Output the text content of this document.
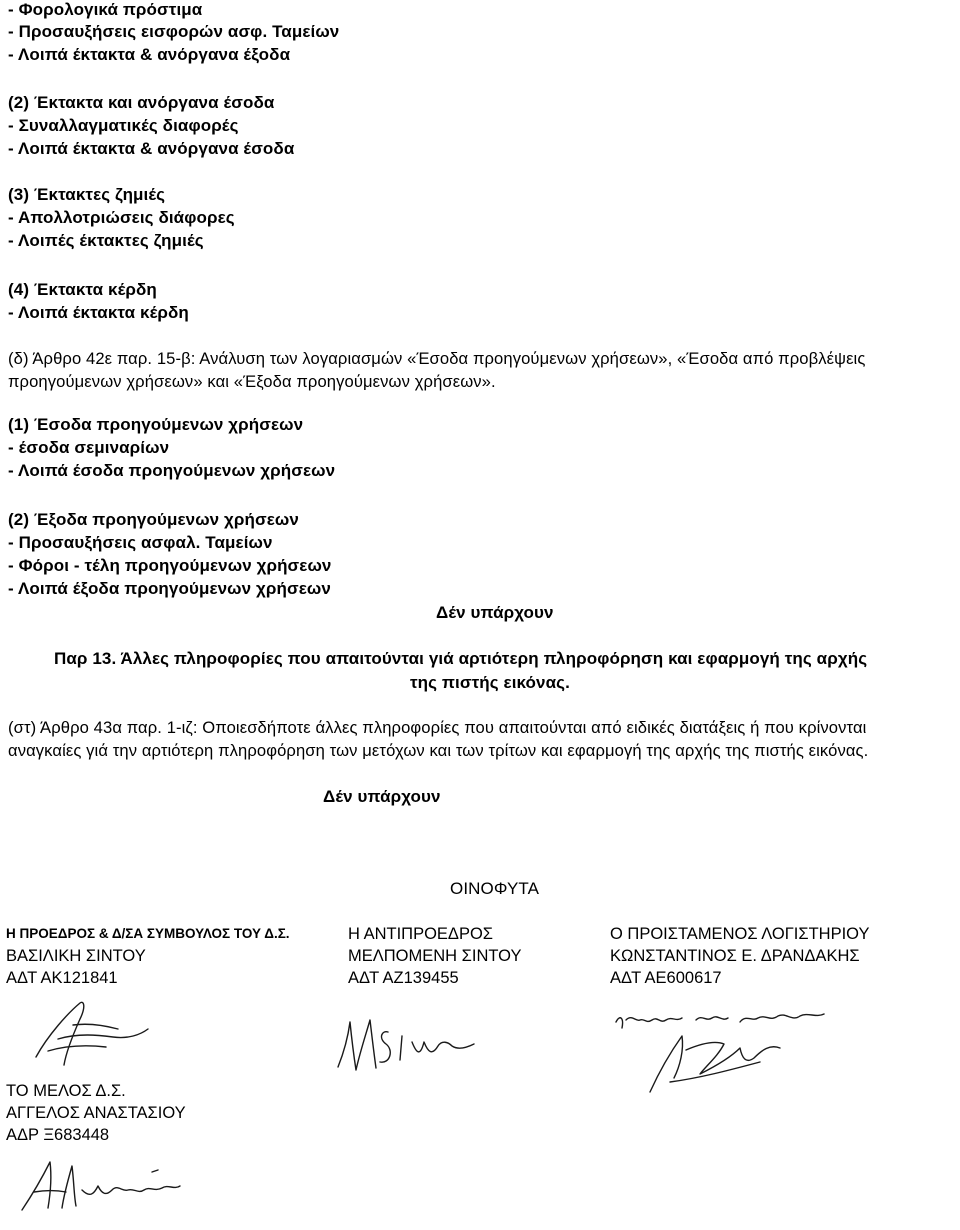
- Φορολογικά πρόστιμα
- Προσαυξήσεις εισφορών ασφ. Ταμείων
- Λοιπά έκτακτα & ανόργανα έξοδα
(2) Έκτακτα και ανόργανα έσοδα
- Συναλλαγματικές διαφορές
- Λοιπά έκτακτα & ανόργανα έσοδα
(3) Έκτακτες ζημιές
- Απολλοτριώσεις διάφορες
- Λοιπές έκτακτες ζημιές
(4) Έκτακτα κέρδη
- Λοιπά έκτακτα κέρδη
(δ) Άρθρο 42ε παρ. 15-β: Ανάλυση των λογαριασμών «Έσοδα προηγούμενων χρήσεων», «Έσοδα από προβλέψεις
προηγούμενων χρήσεων» και «Έξοδα προηγούμενων χρήσεων».
(1) Έσοδα προηγούμενων χρήσεων
- έσοδα σεμιναρίων
- Λοιπά έσοδα προηγούμενων χρήσεων
(2) Έξοδα προηγούμενων χρήσεων
- Προσαυξήσεις ασφαλ. Ταμείων
- Φόροι - τέλη προηγούμενων χρήσεων
- Λοιπά έξοδα προηγούμενων χρήσεων
Δέν υπάρχουν
Παρ 13. Άλλες πληροφορίες που απαιτούνται γιά αρτιότερη πληροφόρηση και εφαρμογή της αρχής
της πιστής εικόνας.
(στ) Άρθρο 43α παρ. 1-ιζ: Οποιεσδήποτε άλλες πληροφορίες που απαιτούνται από ειδικές διατάξεις ή που κρίνονται
αναγκαίες γιά την αρτιότερη πληροφόρηση των μετόχων και των τρίτων και εφαρμογή της αρχής της πιστής εικόνας.
Δέν υπάρχουν
ΟΙΝΟΦΥΤΑ
Η ΠΡΟΕΔΡΟΣ & Δ/ΣΑ ΣΥΜΒΟΥΛΟΣ ΤΟΥ Δ.Σ.
ΒΑΣΙΛΙΚΗ ΣΙΝΤΟΥ
ΑΔΤ ΑΚ121841
Η ΑΝΤΙΠΡΟΕΔΡΟΣ
ΜΕΛΠΟΜΕΝΗ ΣΙΝΤΟΥ
ΑΔΤ ΑΖ139455
Ο ΠΡΟΙΣΤΑΜΕΝΟΣ ΛΟΓΙΣΤΗΡΙΟΥ
ΚΩΝΣΤΑΝΤΙΝΟΣ Ε. ΔΡΑΝΔΑΚΗΣ
ΑΔΤ ΑΕ600617
ΤΟ ΜΕΛΟΣ Δ.Σ.
ΑΓΓΕΛΟΣ ΑΝΑΣΤΑΣΙΟΥ
ΑΔΡ Ξ683448
